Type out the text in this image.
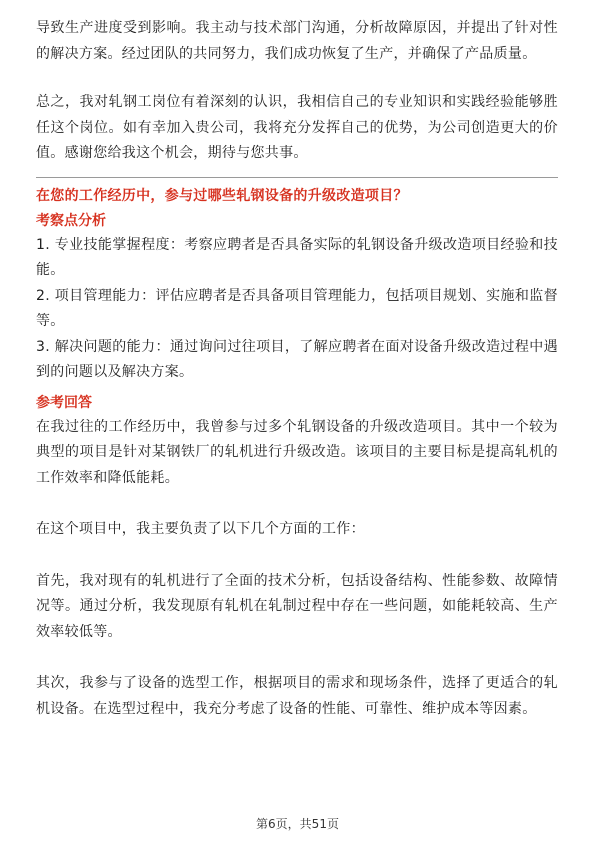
导致生产进度受到影响。我主动与技术部门沟通，分析故障原因，并提出了针对性的解决方案。经过团队的共同努力，我们成功恢复了生产，并确保了产品质量。

总之，我对轧钢工岗位有着深刻的认识，我相信自己的专业知识和实践经验能够胜任这个岗位。如有幸加入贵公司，我将充分发挥自己的优势，为公司创造更大的价值。感谢您给我这个机会，期待与您共事。

在您的工作经历中，参与过哪些轧钢设备的升级改造项目？

考察点分析

1. 专业技能掌握程度：考察应聘者是否具备实际的轧钢设备升级改造项目经验和技能。

2. 项目管理能力：评估应聘者是否具备项目管理能力，包括项目规划、实施和监督等。

3. 解决问题的能力：通过询问过往项目，了解应聘者在面对设备升级改造过程中遇到的问题以及解决方案。

参考回答

在我过往的工作经历中，我曾参与过多个轧钢设备的升级改造项目。其中一个较为典型的项目是针对某钢铁厂的轧机进行升级改造。该项目的主要目标是提高轧机的工作效率和降低能耗。

在这个项目中，我主要负责了以下几个方面的工作：

首先，我对现有的轧机进行了全面的技术分析，包括设备结构、性能参数、故障情况等。通过分析，我发现原有轧机在轧制过程中存在一些问题，如能耗较高、生产效率较低等。

其次，我参与了设备的选型工作，根据项目的需求和现场条件，选择了更适合的轧机设备。在选型过程中，我充分考虑了设备的性能、可靠性、维护成本等因素。

第6页，共51页
